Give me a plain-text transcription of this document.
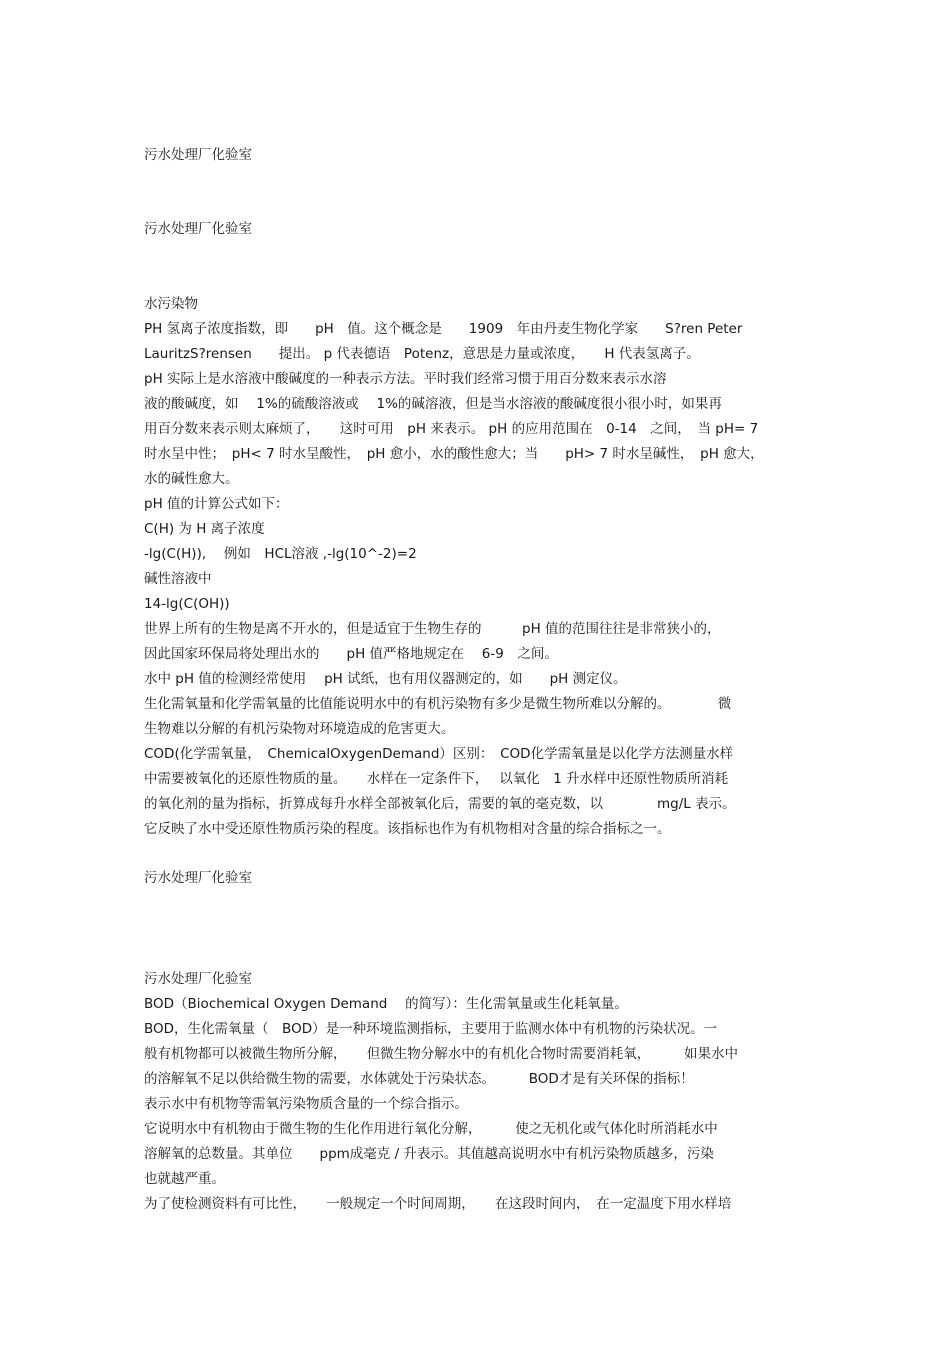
污水处理厂化验室
污水处理厂化验室
水污染物
PH 氢离子浓度指数，即　　pH　值。这个概念是　　1909　年由丹麦生物化学家　　S?ren Peter
LauritzS?rensen　　提出。 p 代表德语　Potenz，意思是力量或浓度，　　H 代表氢离子。
pH 实际上是水溶液中酸碱度的一种表示方法。平时我们经常习惯于用百分数来表示水溶
液的酸碱度，如　 1%的硫酸溶液或　 1%的碱溶液，但是当水溶液的酸碱度很小很小时，如果再
用百分数来表示则太麻烦了，　　这时可用　pH 来表示。 pH 的应用范围在　0-14　之间，　当 pH= 7
时水呈中性；　pH< 7 时水呈酸性，　pH 愈小，水的酸性愈大；当　　pH> 7 时水呈碱性，　pH 愈大，
水的碱性愈大。
pH 值的计算公式如下：
C(H) 为 H 离子浓度
-lg(C(H)),　 例如　HCL溶液 ,-lg(10^-2)=2
碱性溶液中
14-lg(C(OH))
世界上所有的生物是离不开水的，但是适宜于生物生存的　　　pH 值的范围往往是非常狭小的，
因此国家环保局将处理出水的　　pH 值严格地规定在　 6-9　之间。
水中 pH 值的检测经常使用　 pH 试纸，也有用仪器测定的，如　　pH 测定仪。
生化需氧量和化学需氧量的比值能说明水中的有机污染物有多少是微生物所难以分解的。　　　　微
生物难以分解的有机污染物对环境造成的危害更大。
COD(化学需氧量，　ChemicalOxygenDemand）区别：　COD化学需氧量是以化学方法测量水样
中需要被氧化的还原性物质的量。　　水样在一定条件下，　 以氧化　1 升水样中还原性物质所消耗
的氧化剂的量为指标，折算成每升水样全部被氧化后，需要的氧的毫克数，以　　　　mg/L 表示。
它反映了水中受还原性物质污染的程度。该指标也作为有机物相对含量的综合指标之一。
污水处理厂化验室
污水处理厂化验室
BOD（Biochemical Oxygen Demand　 的简写）：生化需氧量或生化耗氧量。
BOD，生化需氧量（　BOD）是一种环境监测指标，主要用于监测水体中有机物的污染状况。一
般有机物都可以被微生物所分解，　　但微生物分解水中的有机化合物时需要消耗氧，　　　如果水中
的溶解氧不足以供给微生物的需要，水体就处于污染状态。　　　BOD才是有关环保的指标！
表示水中有机物等需氧污染物质含量的一个综合指示。
它说明水中有机物由于微生物的生化作用进行氧化分解，　　　使之无机化或气体化时所消耗水中
溶解氧的总数量。其单位　　ppm成毫克 / 升表示。其值越高说明水中有机污染物质越多，污染
也就越严重。
为了使检测资料有可比性，　　一般规定一个时间周期，　　在这段时间内，　在一定温度下用水样培
